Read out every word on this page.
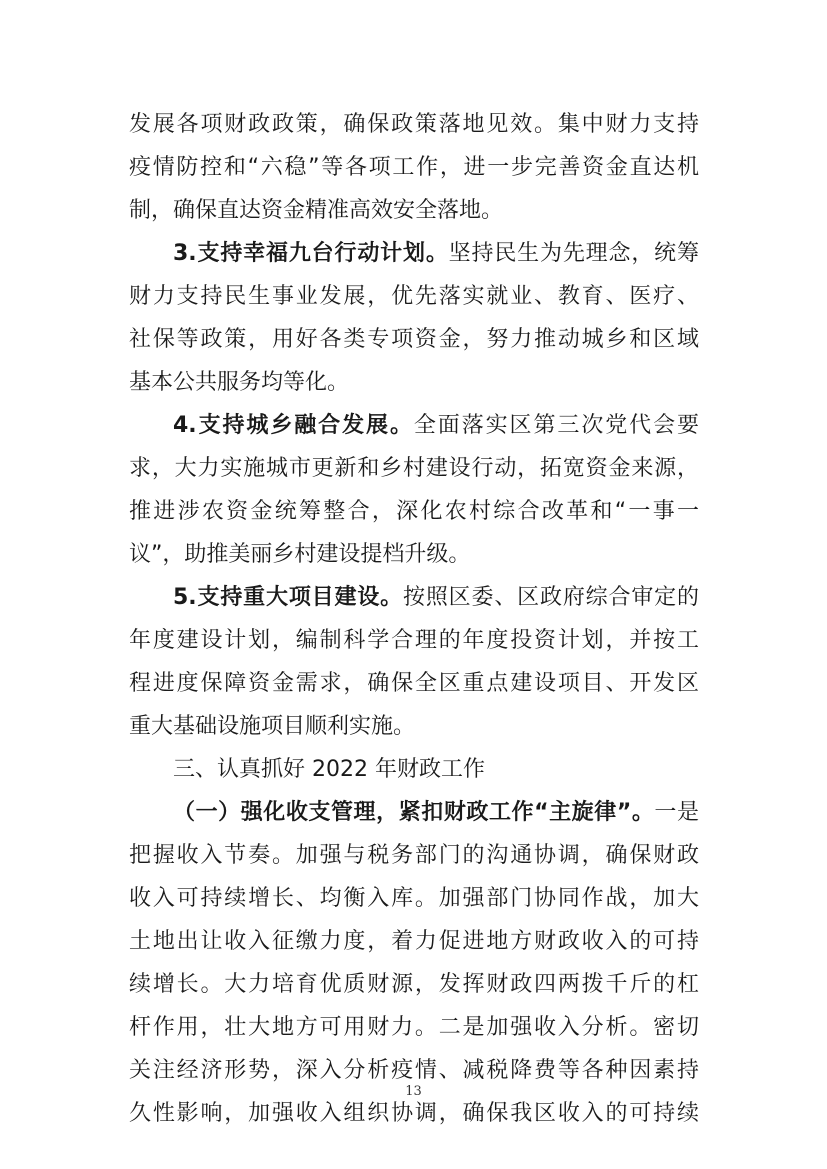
发展各项财政政策，确保政策落地见效。集中财力支持
疫情防控和“六稳”等各项工作，进一步完善资金直达机
制，确保直达资金精准高效安全落地。
3.支持幸福九台行动计划。坚持民生为先理念，统筹
财力支持民生事业发展，优先落实就业、教育、医疗、
社保等政策，用好各类专项资金，努力推动城乡和区域
基本公共服务均等化。
4.支持城乡融合发展。全面落实区第三次党代会要
求，大力实施城市更新和乡村建设行动，拓宽资金来源，
推进涉农资金统筹整合，深化农村综合改革和“一事一
议”，助推美丽乡村建设提档升级。
5.支持重大项目建设。按照区委、区政府综合审定的
年度建设计划，编制科学合理的年度投资计划，并按工
程进度保障资金需求，确保全区重点建设项目、开发区
重大基础设施项目顺利实施。
三、认真抓好 2022 年财政工作
（一）强化收支管理，紧扣财政工作“主旋律”。一是
把握收入节奏。加强与税务部门的沟通协调，确保财政
收入可持续增长、均衡入库。加强部门协同作战，加大
土地出让收入征缴力度，着力促进地方财政收入的可持
续增长。大力培育优质财源，发挥财政四两拨千斤的杠
杆作用，壮大地方可用财力。二是加强收入分析。密切
关注经济形势，深入分析疫情、减税降费等各种因素持
久性影响，加强收入组织协调，确保我区收入的可持续
13
